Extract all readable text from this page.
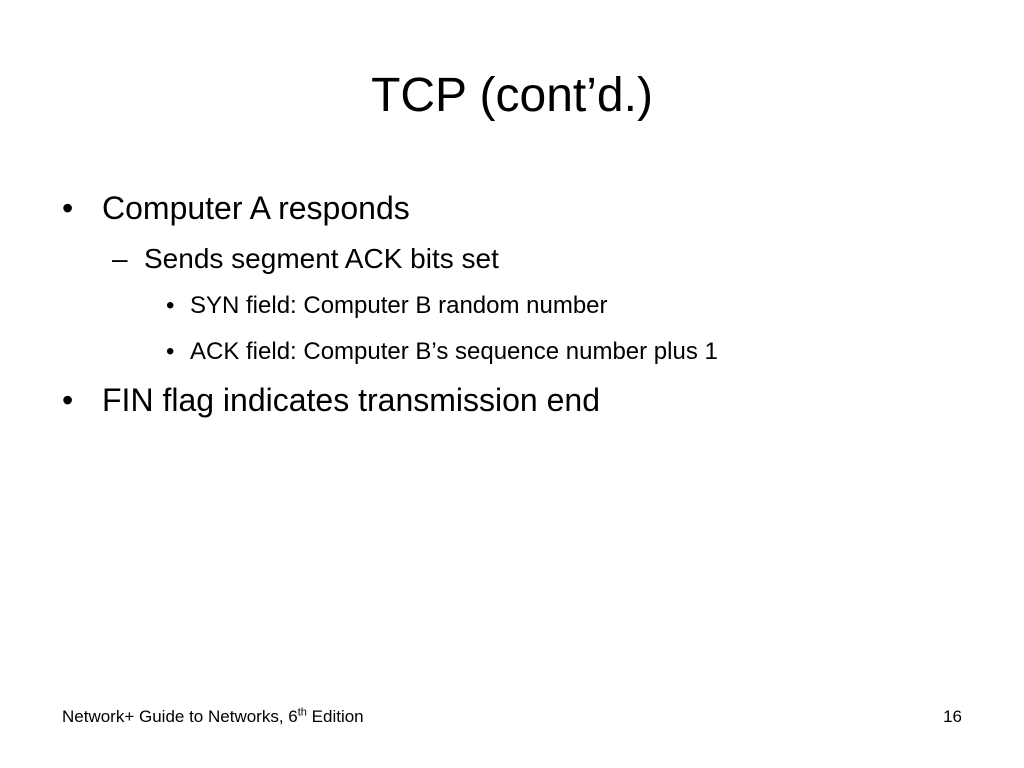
TCP (cont’d.)
• Computer A responds
– Sends segment ACK bits set
• SYN field: Computer B random number
• ACK field: Computer B’s sequence number plus 1
• FIN flag indicates transmission end
Network+ Guide to Networks, 6th Edition	16
